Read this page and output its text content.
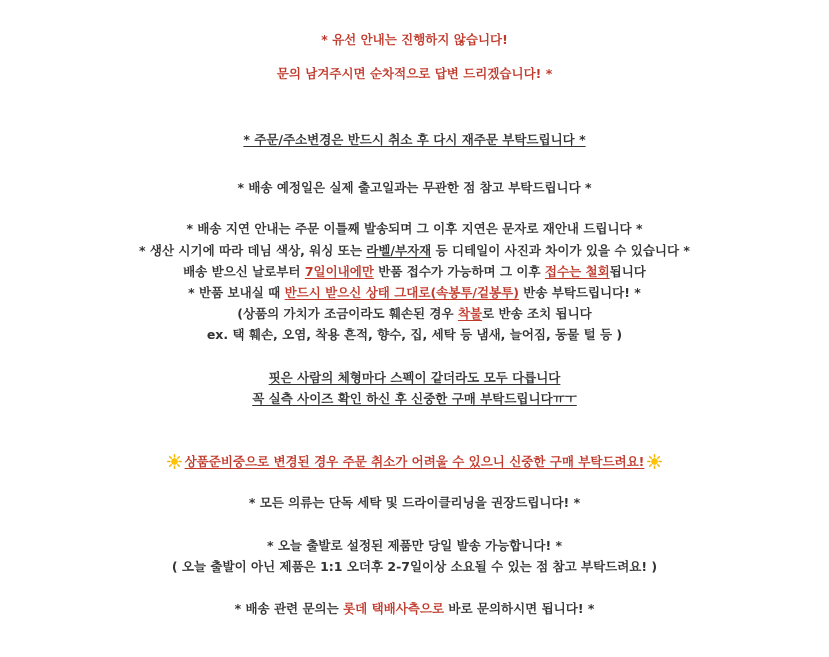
* 유선 안내는 진행하지 않습니다!
문의 남겨주시면 순차적으로 답변 드리겠습니다! *
* 주문/주소변경은 반드시 취소 후 다시 재주문 부탁드립니다 *
* 배송 예정일은 실제 출고일과는 무관한 점 참고 부탁드립니다 *
* 배송 지연 안내는 주문 이틀째 발송되며 그 이후 지연은 문자로 재안내 드립니다 *
* 생산 시기에 따라 데님 색상, 워싱 또는 라벨/부자재 등 디테일이 사진과 차이가 있을 수 있습니다 *
배송 받으신 날로부터 7일이내에만 반품 접수가 가능하며 그 이후 접수는 철회됩니다
* 반품 보내실 때 반드시 받으신 상태 그대로(속봉투/겉봉투) 반송 부탁드립니다! *
(상품의 가치가 조금이라도 훼손된 경우 착불로 반송 조치 됩니다
ex. 택 훼손, 오염, 착용 흔적, 향수, 집, 세탁 등 냄새, 늘어짐, 동물 털 등 )
핏은 사람의 체형마다 스펙이 같더라도 모두 다릅니다
꼭 실측 사이즈 확인 하신 후 신중한 구매 부탁드립니다ㅠㅜ
상품준비중으로 변경된 경우 주문 취소가 어려울 수 있으니 신중한 구매 부탁드려요!
* 모든 의류는 단독 세탁 및 드라이클리닝을 권장드립니다! *
* 오늘 출발로 설정된 제품만 당일 발송 가능합니다! *
( 오늘 출발이 아닌 제품은 1:1 오더후 2-7일이상 소요될 수 있는 점 참고 부탁드려요! )
* 배송 관련 문의는 롯데 택배사측으로 바로 문의하시면 됩니다! *
